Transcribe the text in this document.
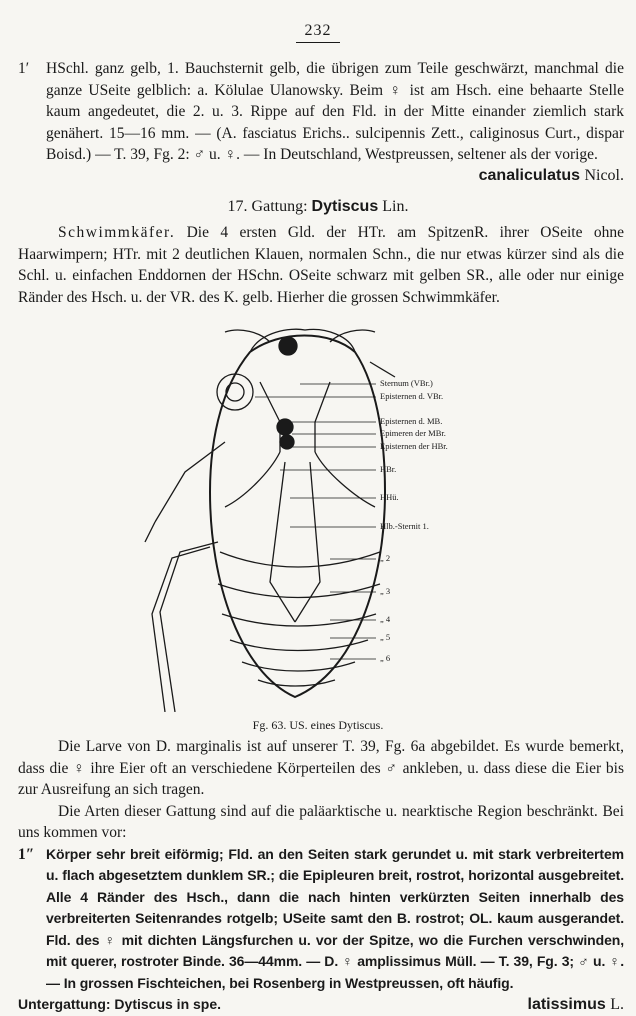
232
1′ HSchl. ganz gelb, 1. Bauchsternit gelb, die übrigen zum Teile geschwärzt, manchmal die ganze USeite gelblich: a. Kölulae Ulanowsky. Beim ♀ ist am Hsch. eine behaarte Stelle kaum angedeutet, die 2. u. 3. Rippe auf den Fld. in der Mitte einander ziemlich stark genähert. 15—16 mm. — (A. fasciatus Erichs.. sulcipennis Zett., caliginosus Curt., dispar Boisd.) — T. 39, Fg. 2: ♂ u. ♀. — In Deutschland, Westpreussen, seltener als der vorige.
canaliculatus Nicol.
17. Gattung: Dytiscus Lin.
Schwimmkäfer. Die 4 ersten Gld. der HTr. am SpitzenR. ihrer OSeite ohne Haarwimpern; HTr. mit 2 deutlichen Klauen, normalen Schn., die nur etwas kürzer sind als die Schl. u. einfachen Enddornen der HSchn. OSeite schwarz mit gelben SR., alle oder nur einige Ränder des Hsch. u. der VR. des K. gelb. Hierher die grossen Schwimmkäfer.
Sternum (VBr.)
Episternen d. VBr.
Episternen d. MB.
Epimeren der MBr.
Episternen der HBr.
HBr.
HHü.
Hlb.-Sternit 1.
„ 2
„ 3
„ 4
„ 5
„ 6
Fg. 63. US. eines Dytiscus.

Die Larve von D. marginalis ist auf unserer T. 39, Fg. 6a abgebildet. Es wurde bemerkt, dass die ♀ ihre Eier oft an verschiedene Körperteilen des ♂ ankleben, u. dass diese die Eier bis zur Ausreifung an sich tragen.

Die Arten dieser Gattung sind auf die paläarktische u. nearktische Region beschränkt. Bei uns kommen vor:

1″ Körper sehr breit eiförmig; Fld. an den Seiten stark gerundet u. mit stark verbreitertem u. flach abgesetztem dunklem SR.; die Epipleuren breit, rostrot, horizontal ausgebreitet. Alle 4 Ränder des Hsch., dann die nach hinten verkürzten Seiten innerhalb des verbreiterten Seitenrandes rotgelb; USeite samt den B. rostrot; OL. kaum ausgerandet. Fld. des ♀ mit dichten Längsfurchen u. vor der Spitze, wo die Furchen verschwinden, mit querer, rostroter Binde. 36—44mm. — D. ♀ amplissimus Müll. — T. 39, Fg. 3; ♂ u. ♀. — In grossen Fischteichen, bei Rosenberg in Westpreussen, oft häufig.
Untergattung: Dytiscus in spe.	latissimus L.
